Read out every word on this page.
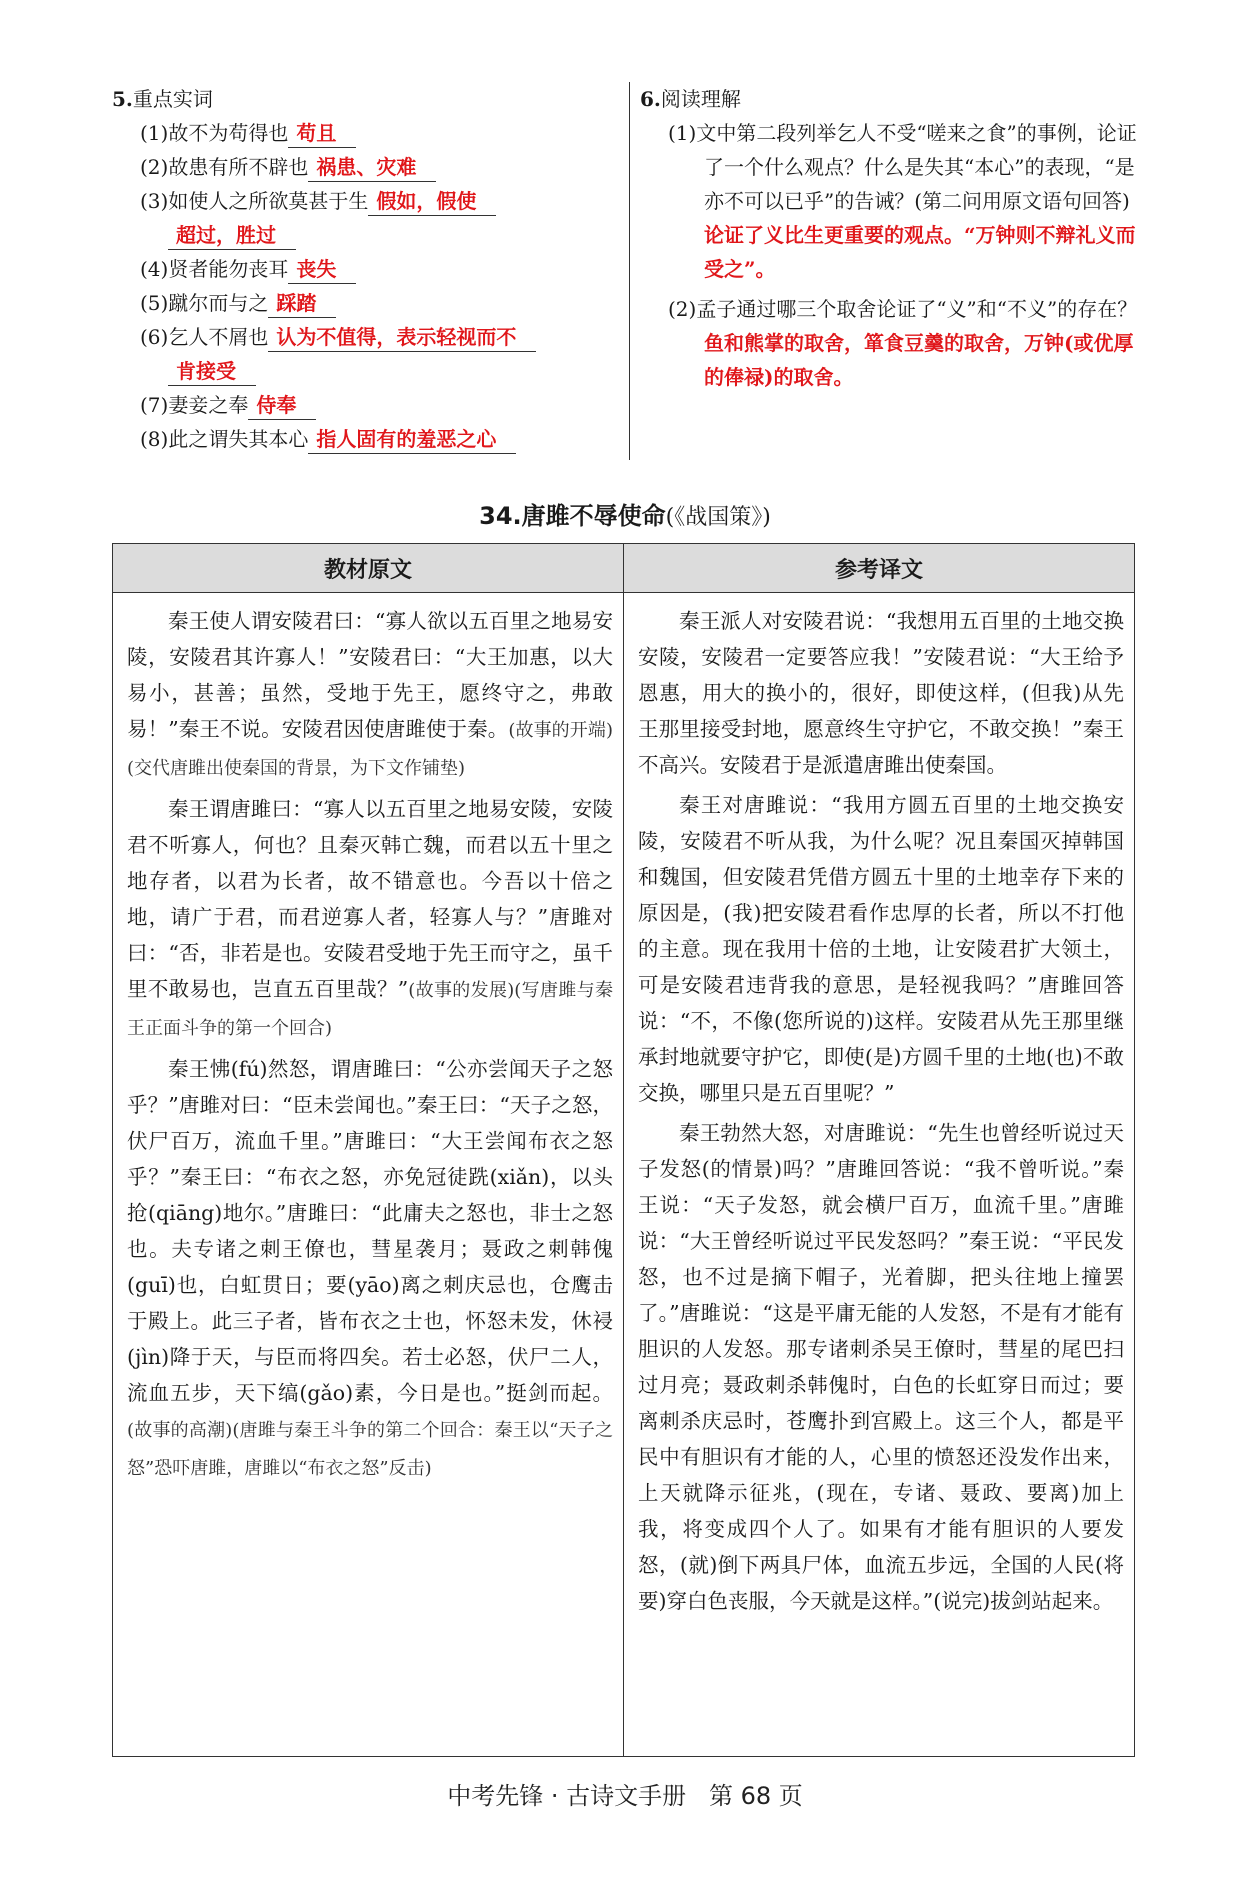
5.重点实词
(1)故不为苟得也 苟且
(2)故患有所不辟也 祸患、灾难
(3)如使人之所欲莫甚于生 假如，假使
超过，胜过
(4)贤者能勿丧耳 丧失
(5)蹴尔而与之 踩踏
(6)乞人不屑也 认为不值得，表示轻视而不
肯接受
(7)妻妾之奉 侍奉
(8)此之谓失其本心 指人固有的羞恶之心
6.阅读理解
(1)文中第二段列举乞人不受“嗟来之食”的事例，论证了一个什么观点？什么是失其“本心”的表现，“是亦不可以已乎”的告诫？(第二问用原文语句回答)
论证了义比生更重要的观点。“万钟则不辩礼义而受之”。
(2)孟子通过哪三个取舍论证了“义”和“不义”的存在？
鱼和熊掌的取舍，箪食豆羹的取舍，万钟(或优厚的俸禄)的取舍。
34.唐雎不辱使命(《战国策》)
教材原文	参考译文

秦王使人谓安陵君曰：“寡人欲以五百里之地易安陵，安陵君其许寡人！”安陵君曰：“大王加惠，以大易小，甚善；虽然，受地于先王，愿终守之，弗敢易！”秦王不说。安陵君因使唐雎使于秦。(故事的开端)(交代唐雎出使秦国的背景，为下文作铺垫)

秦王谓唐雎曰：“寡人以五百里之地易安陵，安陵君不听寡人，何也？且秦灭韩亡魏，而君以五十里之地存者，以君为长者，故不错意也。今吾以十倍之地，请广于君，而君逆寡人者，轻寡人与？”唐雎对曰：“否，非若是也。安陵君受地于先王而守之，虽千里不敢易也，岂直五百里哉？”(故事的发展)(写唐雎与秦王正面斗争的第一个回合)

秦王怫(fú)然怒，谓唐雎曰：“公亦尝闻天子之怒乎？”唐雎对曰：“臣未尝闻也。”秦王曰：“天子之怒，伏尸百万，流血千里。”唐雎曰：“大王尝闻布衣之怒乎？”秦王曰：“布衣之怒，亦免冠徒跣(xiǎn)，以头抢(qiāng)地尔。”唐雎曰：“此庸夫之怒也，非士之怒也。夫专诸之刺王僚也，彗星袭月；聂政之刺韩傀(guī)也，白虹贯日；要(yāo)离之刺庆忌也，仓鹰击于殿上。此三子者，皆布衣之士也，怀怒未发，休祲(jìn)降于天，与臣而将四矣。若士必怒，伏尸二人，流血五步，天下缟(gǎo)素，今日是也。”挺剑而起。(故事的高潮)(唐雎与秦王斗争的第二个回合：秦王以“天子之怒”恐吓唐雎，唐雎以“布衣之怒”反击)

秦王派人对安陵君说：“我想用五百里的土地交换安陵，安陵君一定要答应我！”安陵君说：“大王给予恩惠，用大的换小的，很好，即使这样，(但我)从先王那里接受封地，愿意终生守护它，不敢交换！”秦王不高兴。安陵君于是派遣唐雎出使秦国。

秦王对唐雎说：“我用方圆五百里的土地交换安陵，安陵君不听从我，为什么呢？况且秦国灭掉韩国和魏国，但安陵君凭借方圆五十里的土地幸存下来的原因是，(我)把安陵君看作忠厚的长者，所以不打他的主意。现在我用十倍的土地，让安陵君扩大领土，可是安陵君违背我的意思，是轻视我吗？”唐雎回答说：“不，不像(您所说的)这样。安陵君从先王那里继承封地就要守护它，即使(是)方圆千里的土地(也)不敢交换，哪里只是五百里呢？”

秦王勃然大怒，对唐雎说：“先生也曾经听说过天子发怒(的情景)吗？”唐雎回答说：“我不曾听说。”秦王说：“天子发怒，就会横尸百万，血流千里。”唐雎说：“大王曾经听说过平民发怒吗？”秦王说：“平民发怒，也不过是摘下帽子，光着脚，把头往地上撞罢了。”唐雎说：“这是平庸无能的人发怒，不是有才能有胆识的人发怒。那专诸刺杀吴王僚时，彗星的尾巴扫过月亮；聂政刺杀韩傀时，白色的长虹穿日而过；要离刺杀庆忌时，苍鹰扑到宫殿上。这三个人，都是平民中有胆识有才能的人，心里的愤怒还没发作出来，上天就降示征兆，(现在，专诸、聂政、要离)加上我，将变成四个人了。如果有才能有胆识的人要发怒，(就)倒下两具尸体，血流五步远，全国的人民(将要)穿白色丧服，今天就是这样。”(说完)拔剑站起来。

中考先锋 · 古诗文手册 第 68 页
